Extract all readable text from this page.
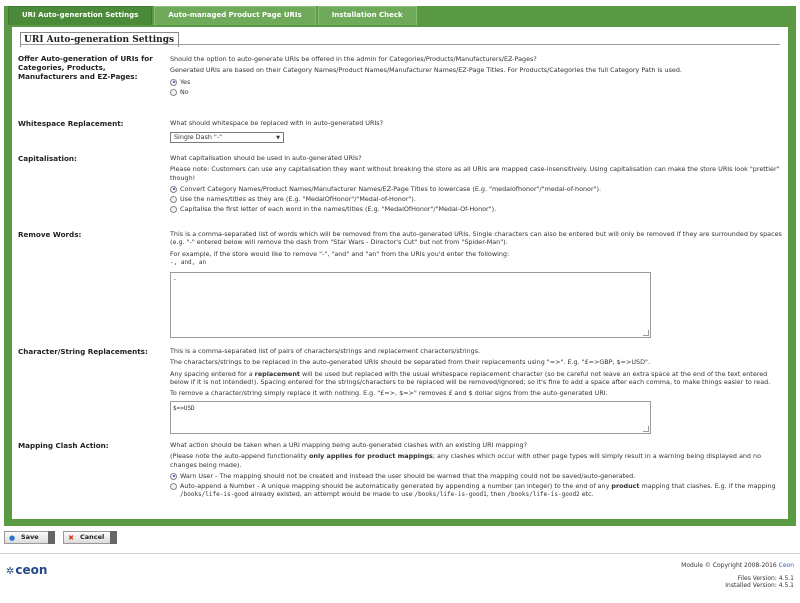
URI Auto-generation Settings	Auto-managed Product Page URIs	Installation Check
URI Auto-generation Settings
Offer Auto-generation of URIs for Categories, Products, Manufacturers and EZ-Pages:

Should the option to auto-generate URIs be offered in the admin for Categories/Products/Manufacturers/EZ-Pages?

Generated URIs are based on their Category Names/Product Names/Manufacturer Names/EZ-Page Titles. For Products/Categories the full Category Path is used.

Yes
No
Whitespace Replacement:	What should whitespace be replaced with in auto-generated URIs?

Single Dash "-"	▼
Capitalisation:	What capitalisation should be used in auto-generated URIs?

Please note: Customers can use any capitalisation they want without breaking the store as all URIs are mapped case-insensitively. Using capitalisation can make the store URIs look "prettier" though!

Convert Category Names/Product Names/Manufacturer Names/EZ-Page Titles to lowercase (E.g. "medalofhonor"/"medal-of-honor").
Use the names/titles as they are (E.g. "MedalOfHonor"/"Medal-of-Honor").
Capitalise the first letter of each word in the names/titles (E.g. "MedalOfHonor"/"Medal-Of-Honor").
Remove Words:	This is a comma-separated list of words which will be removed from the auto-generated URIs. Single characters can also be entered but will only be removed if they are surrounded by spaces (e.g. "-" entered below will remove the dash from "Star Wars - Director's Cut" but not from "Spider-Man").

For example, if the store would like to remove "-", "and" and "an" from the URIs you'd enter the following:

-, and, an

-
Character/String Replacements:	This is a comma-separated list of pairs of characters/strings and replacement characters/strings.

The characters/strings to be replaced in the auto-generated URIs should be separated from their replacements using "=>". E.g. "£=>GBP, $=>USD".

Any spacing entered for a replacement will be used but replaced with the usual whitespace replacement character (so be careful not leave an extra space at the end of the text entered below if it is not intended!). Spacing entered for the strings/characters to be replaced will be removed/ignored; so it's fine to add a space after each comma, to make things easier to read.

To remove a character/string simply replace it with nothing. E.g. "£=>, $=>" removes £ and $ dollar signs from the auto-generated URI.

$=>USD
Mapping Clash Action:	What action should be taken when a URI mapping being auto-generated clashes with an existing URI mapping?

(Please note the auto-append functionality only applies for product mappings; any clashes which occur with other page types will simply result in a warning being displayed and no changes being made).

Warn User - The mapping should not be created and instead the user should be warned that the mapping could not be saved/auto-generated.
Auto-append a Number - A unique mapping should be automatically generated by appending a number (an integer) to the end of any product mapping that clashes. E.g. if the mapping /books/life-is-good already existed, an attempt would be made to use /books/life-is-good1, then /books/life-is-good2 etc.
● Save	✖ Cancel
✲ceon	Module © Copyright 2008-2016 Ceon
Files Version: 4.5.1
Installed Version: 4.5.1
